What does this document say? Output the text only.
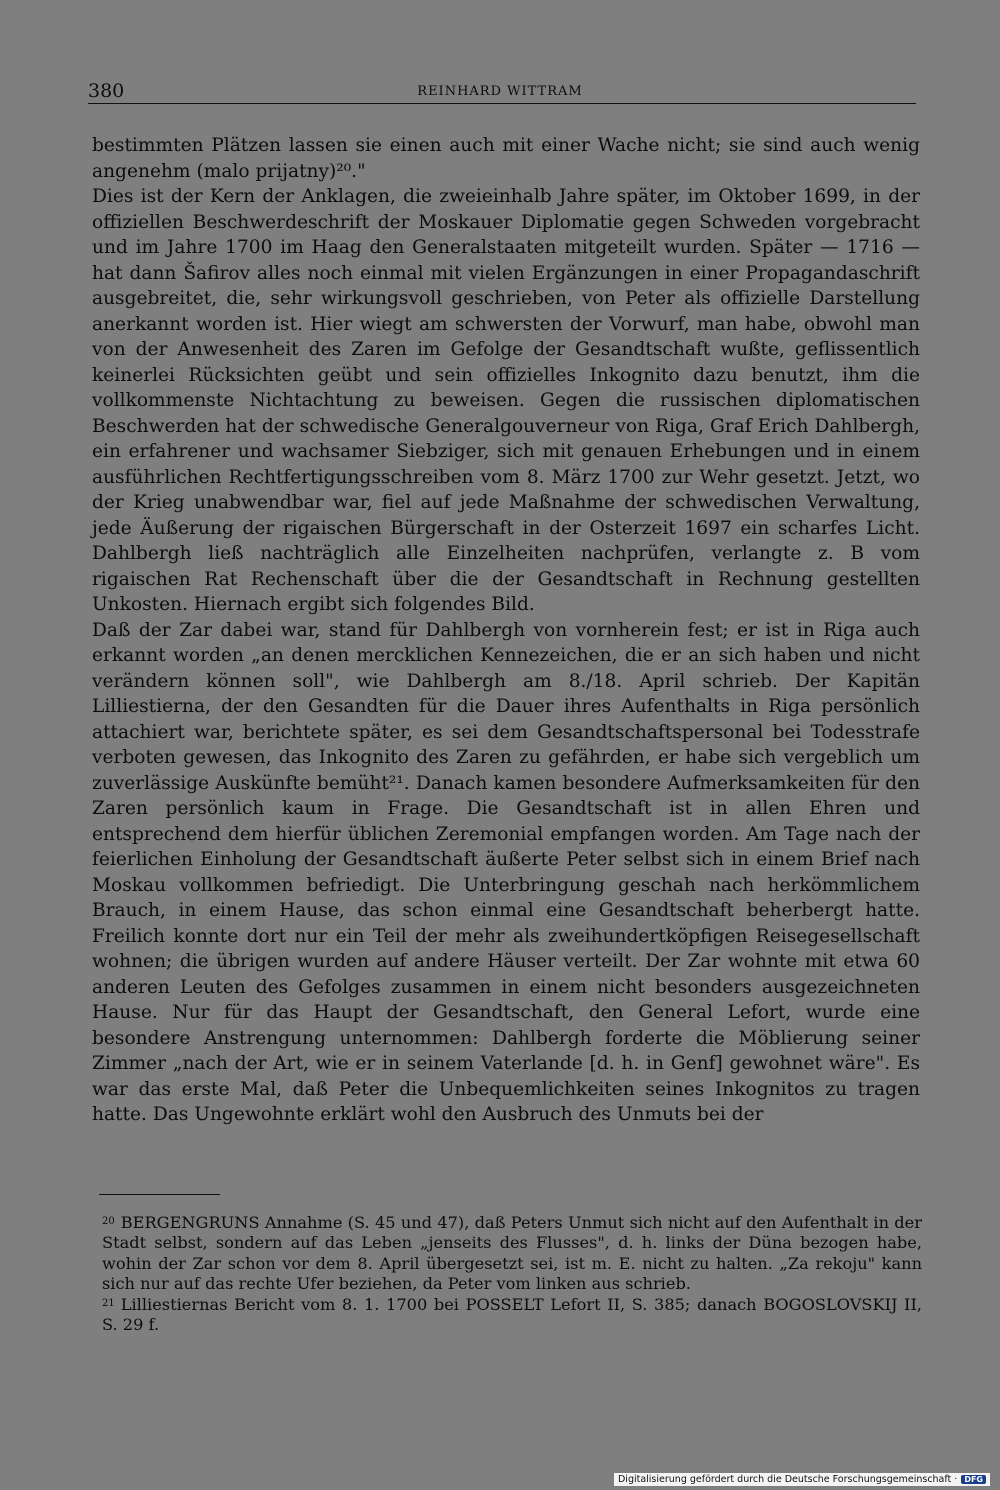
380	REINHARD WITTRAM

bestimmten Plätzen lassen sie einen auch mit einer Wache nicht; sie sind auch wenig angenehm (malo prijatny)²⁰."

Dies ist der Kern der Anklagen, die zweieinhalb Jahre später, im Oktober 1699, in der offiziellen Beschwerdeschrift der Moskauer Diplomatie gegen Schweden vorgebracht und im Jahre 1700 im Haag den Generalstaaten mitgeteilt wurden. Später — 1716 — hat dann Šafirov alles noch einmal mit vielen Ergänzungen in einer Propagandaschrift ausgebreitet, die, sehr wirkungsvoll geschrieben, von Peter als offizielle Darstellung anerkannt worden ist. Hier wiegt am schwersten der Vorwurf, man habe, obwohl man von der Anwesenheit des Zaren im Gefolge der Gesandtschaft wußte, geflissentlich keinerlei Rücksichten geübt und sein offizielles Inkognito dazu benutzt, ihm die vollkommenste Nichtachtung zu beweisen. Gegen die russischen diplomatischen Beschwerden hat der schwedische Generalgouverneur von Riga, Graf Erich Dahlbergh, ein erfahrener und wachsamer Siebziger, sich mit genauen Erhebungen und in einem ausführlichen Rechtfertigungsschreiben vom 8. März 1700 zur Wehr gesetzt. Jetzt, wo der Krieg unabwendbar war, fiel auf jede Maßnahme der schwedischen Verwaltung, jede Äußerung der rigaischen Bürgerschaft in der Osterzeit 1697 ein scharfes Licht. Dahlbergh ließ nachträglich alle Einzelheiten nachprüfen, verlangte z. B vom rigaischen Rat Rechenschaft über die der Gesandtschaft in Rechnung gestellten Unkosten. Hiernach ergibt sich folgendes Bild.

Daß der Zar dabei war, stand für Dahlbergh von vornherein fest; er ist in Riga auch erkannt worden „an denen mercklichen Kennezeichen, die er an sich haben und nicht verändern können soll", wie Dahlbergh am 8./18. April schrieb. Der Kapitän Lilliestierna, der den Gesandten für die Dauer ihres Aufenthalts in Riga persönlich attachiert war, berichtete später, es sei dem Gesandtschaftspersonal bei Todesstrafe verboten gewesen, das Inkognito des Zaren zu gefährden, er habe sich vergeblich um zuverlässige Auskünfte bemüht²¹. Danach kamen besondere Aufmerksamkeiten für den Zaren persönlich kaum in Frage. Die Gesandtschaft ist in allen Ehren und entsprechend dem hierfür üblichen Zeremonial empfangen worden. Am Tage nach der feierlichen Einholung der Gesandtschaft äußerte Peter selbst sich in einem Brief nach Moskau vollkommen befriedigt. Die Unterbringung geschah nach herkömmlichem Brauch, in einem Hause, das schon einmal eine Gesandtschaft beherbergt hatte. Freilich konnte dort nur ein Teil der mehr als zweihundertköpfigen Reisegesellschaft wohnen; die übrigen wurden auf andere Häuser verteilt. Der Zar wohnte mit etwa 60 anderen Leuten des Gefolges zusammen in einem nicht besonders ausgezeichneten Hause. Nur für das Haupt der Gesandtschaft, den General Lefort, wurde eine besondere Anstrengung unternommen: Dahlbergh forderte die Möblierung seiner Zimmer „nach der Art, wie er in seinem Vaterlande [d. h. in Genf] gewohnet wäre". Es war das erste Mal, daß Peter die Unbequemlichkeiten seines Inkognitos zu tragen hatte. Das Ungewohnte erklärt wohl den Ausbruch des Unmuts bei der

$^{20}$ BERGENGRUNS Annahme (S. 45 und 47), daß Peters Unmut sich nicht auf den Aufenthalt in der Stadt selbst, sondern auf das Leben „jenseits des Flusses", d. h. links der Düna bezogen habe, wohin der Zar schon vor dem 8. April übergesetzt sei, ist m. E. nicht zu halten. „Za rekoju" kann sich nur auf das rechte Ufer beziehen, da Peter vom linken aus schrieb.

$^{21}$ Lilliestiernas Bericht vom 8. 1. 1700 bei POSSELT Lefort II, S. 385; danach BOGOSLOVSKIJ II, S. 29 f.

Digitalisierung gefördert durch die Deutsche Forschungsgemeinschaft · DFG
